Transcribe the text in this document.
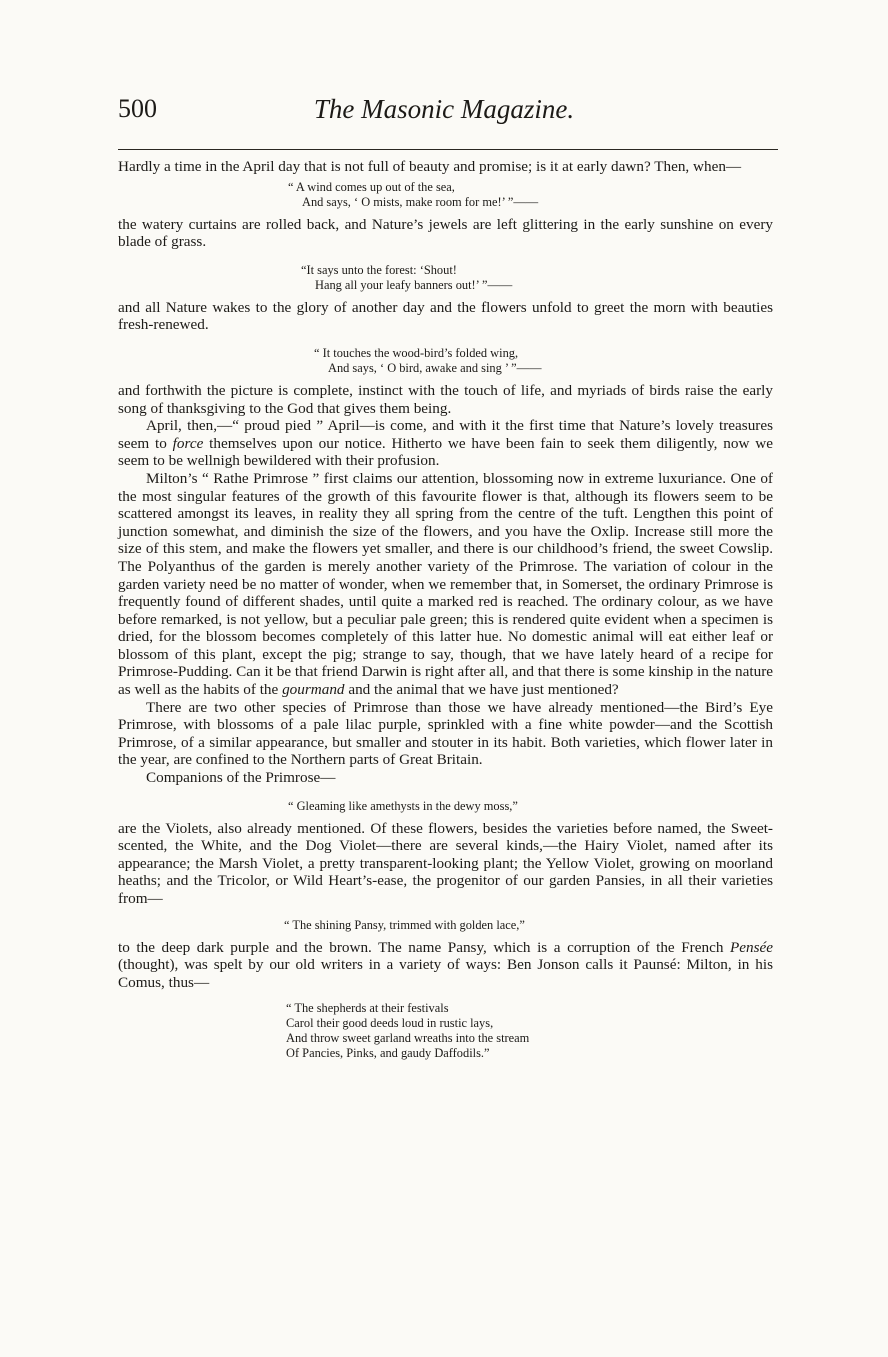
500	The Masonic Magazine.

Hardly a time in the April day that is not full of beauty and promise; is it at early dawn? Then, when—

“ A wind comes up out of the sea,
And says, ‘ O mists, make room for me!’ ”——

the watery curtains are rolled back, and Nature’s jewels are left glittering in the early sunshine on every blade of grass.

“It says unto the forest: ‘Shout!
Hang all your leafy banners out!’ ”——

and all Nature wakes to the glory of another day and the flowers unfold to greet the morn with beauties fresh-renewed.

“ It touches the wood-bird’s folded wing,
And says, ‘ O bird, awake and sing ’ ”——

and forthwith the picture is complete, instinct with the touch of life, and myriads of birds raise the early song of thanksgiving to the God that gives them being.

April, then,—“ proud pied ” April—is come, and with it the first time that Nature’s lovely treasures seem to force themselves upon our notice. Hitherto we have been fain to seek them diligently, now we seem to be wellnigh bewildered with their profusion.

Milton’s “ Rathe Primrose ” first claims our attention, blossoming now in extreme luxuriance. One of the most singular features of the growth of this favourite flower is that, although its flowers seem to be scattered amongst its leaves, in reality they all spring from the centre of the tuft. Lengthen this point of junction somewhat, and diminish the size of the flowers, and you have the Oxlip. Increase still more the size of this stem, and make the flowers yet smaller, and there is our childhood’s friend, the sweet Cowslip. The Polyanthus of the garden is merely another variety of the Primrose. The variation of colour in the garden variety need be no matter of wonder, when we remember that, in Somerset, the ordinary Primrose is frequently found of different shades, until quite a marked red is reached. The ordinary colour, as we have before remarked, is not yellow, but a peculiar pale green; this is rendered quite evident when a specimen is dried, for the blossom becomes completely of this latter hue. No domestic animal will eat either leaf or blossom of this plant, except the pig; strange to say, though, that we have lately heard of a recipe for Primrose-Pudding. Can it be that friend Darwin is right after all, and that there is some kinship in the nature as well as the habits of the gourmand and the animal that we have just mentioned?

There are two other species of Primrose than those we have already mentioned—the Bird’s Eye Primrose, with blossoms of a pale lilac purple, sprinkled with a fine white powder—and the Scottish Primrose, of a similar appearance, but smaller and stouter in its habit. Both varieties, which flower later in the year, are confined to the Northern parts of Great Britain.

Companions of the Primrose—

“ Gleaming like amethysts in the dewy moss,”

are the Violets, also already mentioned. Of these flowers, besides the varieties before named, the Sweet-scented, the White, and the Dog Violet—there are several kinds,—the Hairy Violet, named after its appearance; the Marsh Violet, a pretty transparent-looking plant; the Yellow Violet, growing on moorland heaths; and the Tricolor, or Wild Heart’s-ease, the progenitor of our garden Pansies, in all their varieties from—

“ The shining Pansy, trimmed with golden lace,”

to the deep dark purple and the brown. The name Pansy, which is a corruption of the French Pensée (thought), was spelt by our old writers in a variety of ways: Ben Jonson calls it Paunsé: Milton, in his Comus, thus—

“ The shepherds at their festivals
Carol their good deeds loud in rustic lays,
And throw sweet garland wreaths into the stream
Of Pancies, Pinks, and gaudy Daffodils.”
